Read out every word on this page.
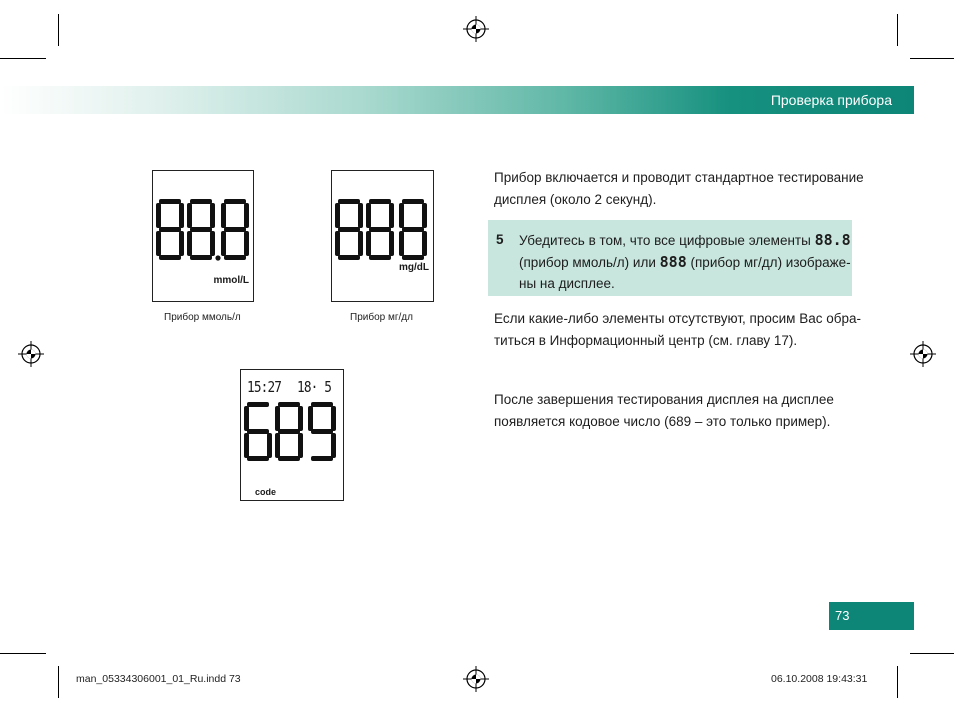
Проверка прибора
mmol/L
Прибор ммоль/л
mg/dL
Прибор мг/дл
15:27 18· 5
code
Прибор включается и проводит стандартное тестирование
дисплея (около 2 секунд).
5 Убедитесь в том, что все цифровые элементы 88.8
(прибор ммоль/л) или 888 (прибор мг/дл) изображе-
ны на дисплее.
Если какие-либо элементы отсутствуют, просим Вас обра-
титься в Информационный центр (см. главу 17).
После завершения тестирования дисплея на дисплее
появляется кодовое число (689 – это только пример).
73
man_05334306001_01_Ru.indd 73	06.10.2008 19:43:31
